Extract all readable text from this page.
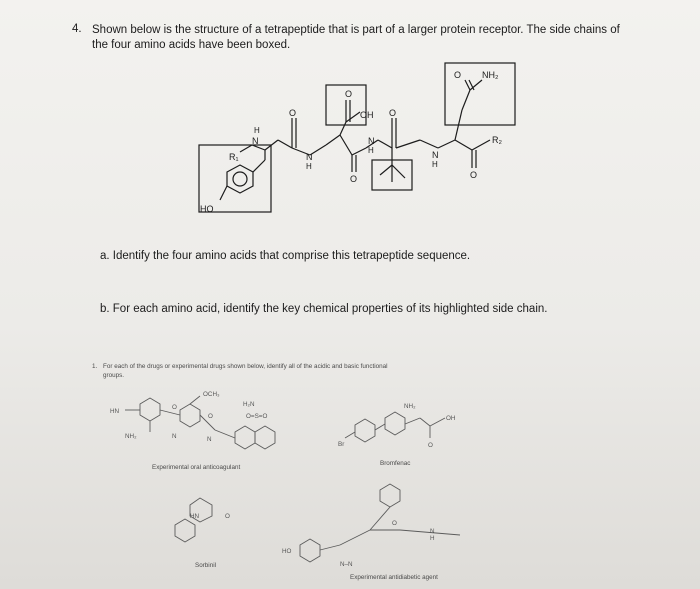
4. Shown below is the structure of a tetrapeptide that is part of a larger protein receptor. The side chains of the four amino acids have been boxed.
R₁
HO
N
H
O
N
H
O
OH
O
N
H
O
N
H
O
R₂
O NH₂
a. Identify the four amino acids that comprise this tetrapeptide sequence.
b. For each amino acid, identify the key chemical properties of its highlighted side chain.
1. For each of the drugs or experimental drugs shown below, identify all of the acidic and basic functional
groups.
OCH₃
H₂N
HN
NH₂
O
O
N	N
O=S=O
NH₂
OH
Br	O
HN	O
HO
N–N
O
N
H
Experimental oral anticoagulant
Bromfenac
Sorbinil
Experimental antidiabetic agent
